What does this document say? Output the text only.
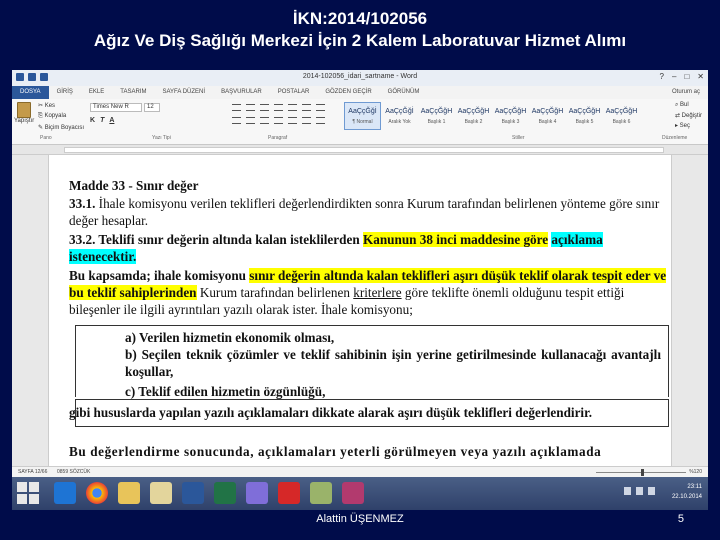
İKN:2014/102056
Ağız Ve Diş Sağlığı Merkezi İçin 2 Kalem Laboratuvar Hizmet Alımı
2014-102056_idari_sartname - Word	? – □ ✕
DOSYA	GİRİŞ	EKLE	TASARIM	SAYFA DÜZENİ	BAŞVURULAR	POSTALAR	GÖZDEN GEÇİR	GÖRÜNÜM	Oturum aç
Yapıştır
✂ Kes
⎘ Kopyala
✎ Biçim Boyacısı
Times New R	12
K T A
AaÇçĞğİ
¶ Normal
AaÇçĞğİ
Aralık Yok
AaÇçĞğH
Başlık 1
AaÇçĞğH
Başlık 2
AaÇçĞğH
Başlık 3
AaÇçĞğH
Başlık 4
AaÇçĞğH
Başlık 5
AaÇçĞğH
Başlık 6
⌕ Bul
⇄ Değiştir
▸ Seç
Pano	Yazı Tipi	Paragraf	Stiller	Düzenleme
Madde 33 - Sınır değer
33.1. İhale komisyonu verilen teklifleri değerlendirdikten sonra Kurum tarafından belirlenen yönteme göre sınır değer hesaplar.
33.2. Teklifi sınır değerin altında kalan isteklilerden Kanunun 38 inci maddesine göre açıklama istenecektir.
Bu kapsamda; ihale komisyonu sınır değerin altında kalan teklifleri aşırı düşük teklif olarak tespit eder ve bu teklif sahiplerinden Kurum tarafından belirlenen kriterlere göre teklifte önemli olduğunu tespit ettiği bileşenler ile ilgili ayrıntıları yazılı olarak ister. İhale komisyonu;
a) Verilen hizmetin ekonomik olması,
b) Seçilen teknik çözümler ve teklif sahibinin işin yerine getirilmesinde kullanacağı avantajlı koşullar,
c) Teklif edilen hizmetin özgünlüğü,
gibi hususlarda yapılan yazılı açıklamaları dikkate alarak aşırı düşük teklifleri değerlendirir.
Bu değerlendirme sonucunda, açıklamaları yeterli görülmeyen veya yazılı açıklamada
SAYFA 12/66 0859 SÖZCÜK	%120
23:11
22.10.2014
Alattin ÜŞENMEZ	5
